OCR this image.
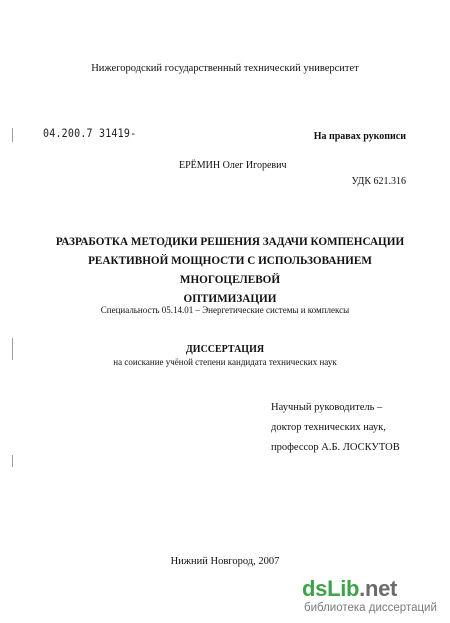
Нижегородский государственный технический университет
04.200.7 31419-	На правах рукописи
ЕРЁМИН Олег Игоревич
УДК 621.316
РАЗРАБОТКА МЕТОДИКИ РЕШЕНИЯ ЗАДАЧИ КОМПЕНСАЦИИ
РЕАКТИВНОЙ МОЩНОСТИ С ИСПОЛЬЗОВАНИЕМ МНОГОЦЕЛЕВОЙ
ОПТИМИЗАЦИИ
Специальность 05.14.01 – Энергетические системы и комплексы
ДИССЕРТАЦИЯ
на соискание учёной степени кандидата технических наук
Научный руководитель –
доктор технических наук,
профессор А.Б. ЛОСКУТОВ
Нижний Новгород, 2007
dsLib.net
библиотека диссертаций
